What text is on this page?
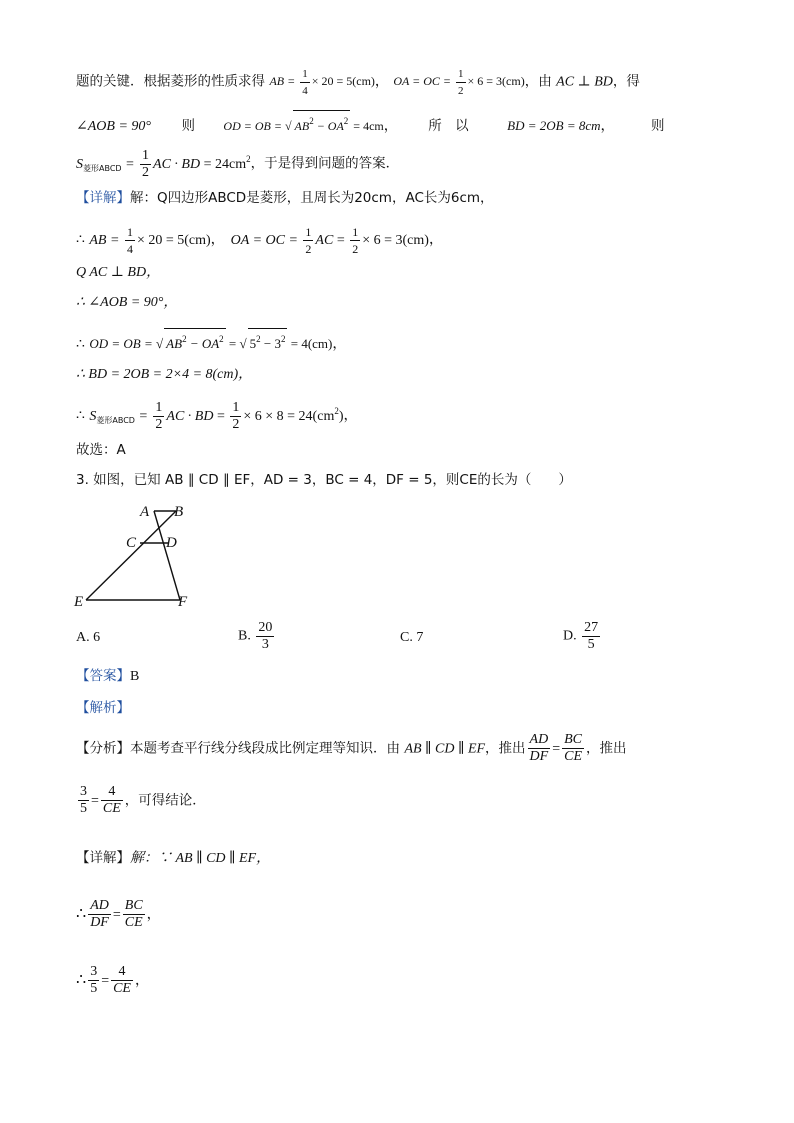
题的关键．根据菱形的性质求得 AB = $\frac{1}{4} \times 20 = 5(cm)$， OA = OC = $\frac{1}{2} \times 6 = 3(cm)$，由 AC ⊥ BD，得
∠AOB = 90° 则 OD = OB = √ $AB^2 - OA^2 = 4cm$， 所　以	BD = 2OB = 8cm， 则
$S_{菱形ABCD} = \frac{1}{2}$ AC · BD = $24cm^2$，于是得到问题的答案．
【详解】解：Q四边形ABCD是菱形，且周长为20cm，AC长为6cm，
∴ AB = $\frac{1}{4} \times 20 = 5(cm)$， OA = OC = $\frac{1}{2}$ AC = $\frac{1}{2} \times 6 = 3(cm)$，
Q AC ⊥ BD，
∴ ∠AOB = 90°，
∴ OD = OB = √ $AB^2 - OA^2$ = √ $5^2 - 3^2 = 4(cm)$，
∴ BD = 2OB = 2×4 = 8(cm)，
∴ $S_{菱形ABCD} = \frac{1}{2}$ AC · BD = $\frac{1}{2} \times 6 \times 8 = 24(cm^2)$，
故选：A
3. 如图，已知 AB ∥ CD ∥ EF，AD = 3，BC = 4，DF = 5，则CE的长为（　　）
A B
C D
E	F
A. 6	B. $\frac{20}{3}$	C. 7	D. $\frac{27}{5}$
【答案】B
【解析】
【分析】本题考查平行线分线段成比例定理等知识．由 AB ∥ CD ∥ EF，推出 $\frac{AD}{DF} = \frac{BC}{CE}$ ，推出
$\frac{3}{5} = \frac{4}{CE}$ ，可得结论．
【详解】解：∵ AB ∥ CD ∥ EF，
∴ $\frac{AD}{DF} = \frac{BC}{CE}$ ，
∴ $\frac{3}{5} = \frac{4}{CE}$ ，
